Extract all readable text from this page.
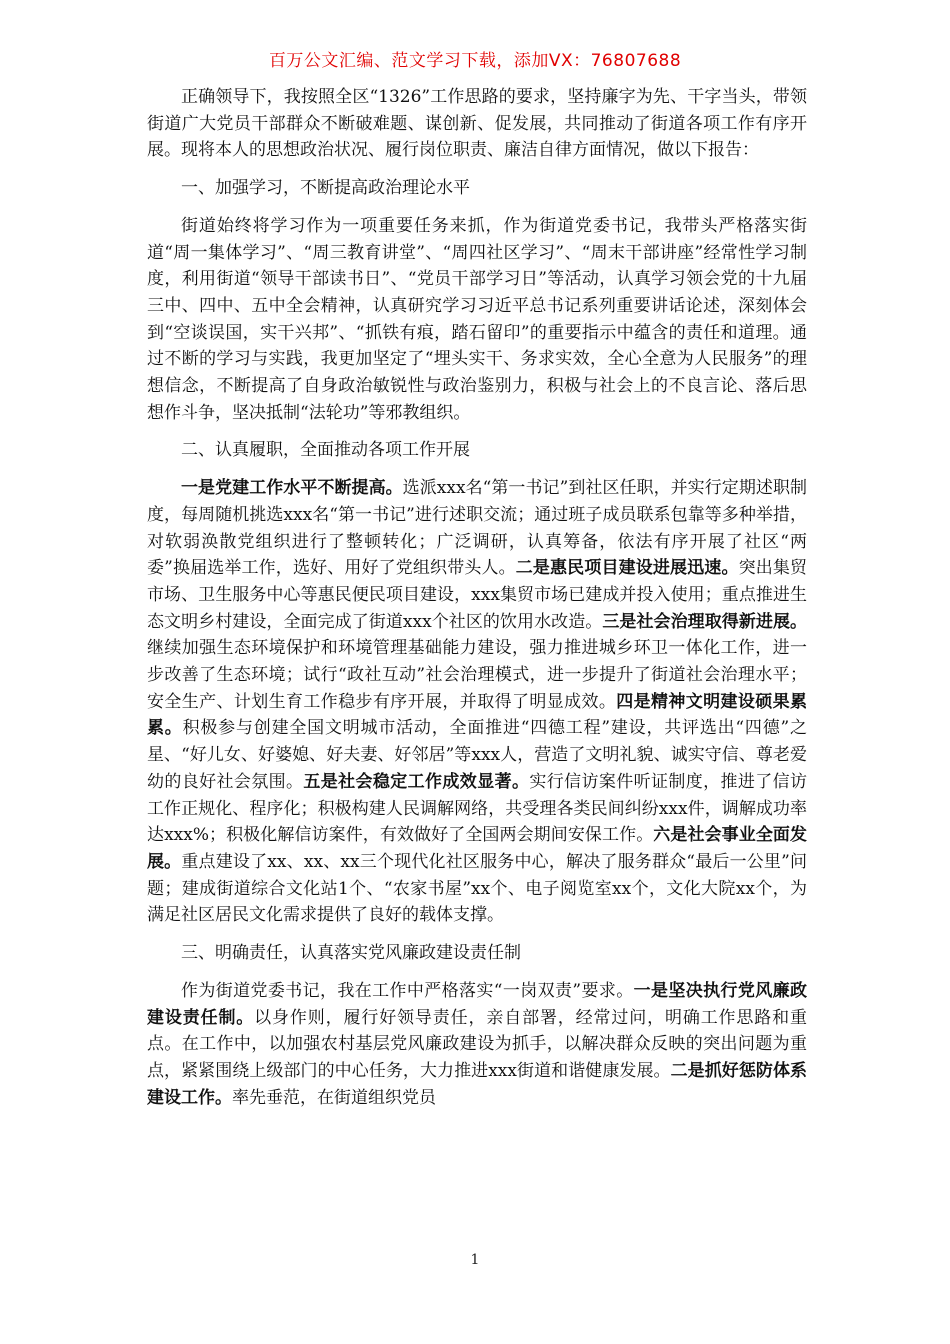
百万公文汇编、范文学习下载，添加VX：76807688

正确领导下，我按照全区“1326”工作思路的要求，坚持廉字为先、干字当头，带领街道广大党员干部群众不断破难题、谋创新、促发展，共同推动了街道各项工作有序开展。现将本人的思想政治状况、履行岗位职责、廉洁自律方面情况，做以下报告：

一、加强学习，不断提高政治理论水平

街道始终将学习作为一项重要任务来抓，作为街道党委书记，我带头严格落实街道“周一集体学习”、“周三教育讲堂”、“周四社区学习”、“周末干部讲座”经常性学习制度，利用街道“领导干部读书日”、“党员干部学习日”等活动，认真学习领会党的十九届三中、四中、五中全会精神，认真研究学习习近平总书记系列重要讲话论述，深刻体会到“空谈误国，实干兴邦”、“抓铁有痕，踏石留印”的重要指示中蕴含的责任和道理。通过不断的学习与实践，我更加坚定了“埋头实干、务求实效，全心全意为人民服务”的理想信念，不断提高了自身政治敏锐性与政治鉴别力，积极与社会上的不良言论、落后思想作斗争，坚决抵制“法轮功”等邪教组织。

二、认真履职，全面推动各项工作开展

一是党建工作水平不断提高。选派xxx名“第一书记”到社区任职，并实行定期述职制度，每周随机挑选xxx名“第一书记”进行述职交流；通过班子成员联系包靠等多种举措，对软弱涣散党组织进行了整顿转化；广泛调研，认真筹备，依法有序开展了社区“两委”换届选举工作，选好、用好了党组织带头人。二是惠民项目建设进展迅速。突出集贸市场、卫生服务中心等惠民便民项目建设，xxx集贸市场已建成并投入使用；重点推进生态文明乡村建设，全面完成了街道xxx个社区的饮用水改造。三是社会治理取得新进展。继续加强生态环境保护和环境管理基础能力建设，强力推进城乡环卫一体化工作，进一步改善了生态环境；试行“政社互动”社会治理模式，进一步提升了街道社会治理水平；安全生产、计划生育工作稳步有序开展，并取得了明显成效。四是精神文明建设硕果累累。积极参与创建全国文明城市活动，全面推进“四德工程”建设，共评选出“四德”之星、“好儿女、好婆媳、好夫妻、好邻居”等xxx人，营造了文明礼貌、诚实守信、尊老爱幼的良好社会氛围。五是社会稳定工作成效显著。实行信访案件听证制度，推进了信访工作正规化、程序化；积极构建人民调解网络，共受理各类民间纠纷xxx件，调解成功率达xxx%；积极化解信访案件，有效做好了全国两会期间安保工作。六是社会事业全面发展。重点建设了xx、xx、xx三个现代化社区服务中心，解决了服务群众“最后一公里”问题；建成街道综合文化站1个、“农家书屋”xx个、电子阅览室xx个，文化大院xx个，为满足社区居民文化需求提供了良好的载体支撑。

三、明确责任，认真落实党风廉政建设责任制

作为街道党委书记，我在工作中严格落实“一岗双责”要求。一是坚决执行党风廉政建设责任制。以身作则，履行好领导责任，亲自部署，经常过问，明确工作思路和重点。在工作中，以加强农村基层党风廉政建设为抓手，以解决群众反映的突出问题为重点，紧紧围绕上级部门的中心任务，大力推进xxx街道和谐健康发展。二是抓好惩防体系建设工作。率先垂范，在街道组织党员

1
